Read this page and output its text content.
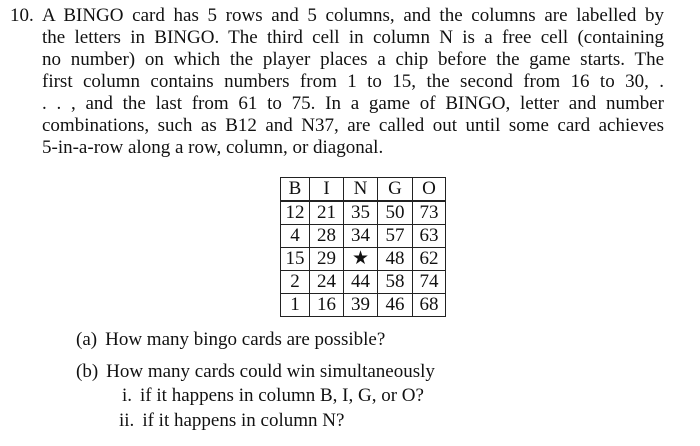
10. A BINGO card has 5 rows and 5 columns, and the columns are labelled by
the letters in BINGO. The third cell in column N is a free cell (containing
no number) on which the player places a chip before the game starts. The
first column contains numbers from 1 to 15, the second from 16 to 30, .
. . , and the last from 61 to 75. In a game of BINGO, letter and number
combinations, such as B12 and N37, are called out until some card achieves
5-in-a-row along a row, column, or diagonal.
B	I	N	G	O
12	21	35	50	73
4	28	34	57	63
15	29	★	48	62
2	24	44	58	74
1	16	39	46	68
(a) How many bingo cards are possible?
(b) How many cards could win simultaneously
i. if it happens in column B, I, G, or O?
ii. if it happens in column N?
